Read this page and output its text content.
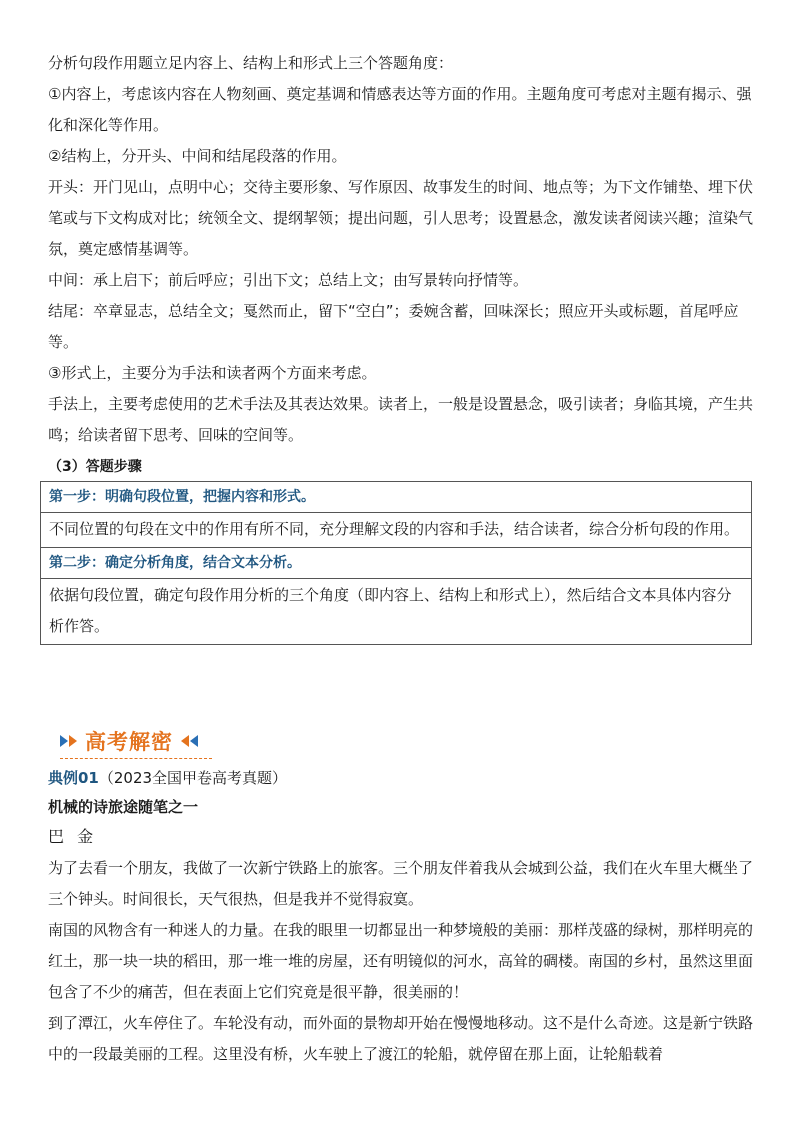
分析句段作用题立足内容上、结构上和形式上三个答题角度：

①内容上，考虑该内容在人物刻画、奠定基调和情感表达等方面的作用。主题角度可考虑对主题有揭示、强化和深化等作用。

②结构上，分开头、中间和结尾段落的作用。

开头：开门见山，点明中心；交待主要形象、写作原因、故事发生的时间、地点等；为下文作铺垫、埋下伏笔或与下文构成对比；统领全文、提纲挈领；提出问题，引人思考；设置悬念，激发读者阅读兴趣；渲染气氛，奠定感情基调等。

中间：承上启下；前后呼应；引出下文；总结上文；由写景转向抒情等。

结尾：卒章显志，总结全文；戛然而止，留下“空白”；委婉含蓄，回味深长；照应开头或标题，首尾呼应等。

③形式上，主要分为手法和读者两个方面来考虑。

手法上，主要考虑使用的艺术手法及其表达效果。读者上，一般是设置悬念，吸引读者；身临其境，产生共鸣；给读者留下思考、回味的空间等。

（3）答题步骤
第一步：明确句段位置，把握内容和形式。
不同位置的句段在文中的作用有所不同，充分理解文段的内容和手法，结合读者，综合分析句段的作用。
第二步：确定分析角度，结合文本分析。
依据句段位置，确定句段作用分析的三个角度（即内容上、结构上和形式上），然后结合文本具体内容分析作答。
高考解密
典例01（2023全国甲卷高考真题）
机械的诗旅途随笔之一
巴 金

为了去看一个朋友，我做了一次新宁铁路上的旅客。三个朋友伴着我从会城到公益，我们在火车里大概坐了三个钟头。时间很长，天气很热，但是我并不觉得寂寞。

南国的风物含有一种迷人的力量。在我的眼里一切都显出一种梦境般的美丽：那样茂盛的绿树，那样明亮的红土，那一块一块的稻田，那一堆一堆的房屋，还有明镜似的河水，高耸的碉楼。南国的乡村，虽然这里面包含了不少的痛苦，但在表面上它们究竟是很平静，很美丽的！

到了潭江，火车停住了。车轮没有动，而外面的景物却开始在慢慢地移动。这不是什么奇迹。这是新宁铁路中的一段最美丽的工程。这里没有桥，火车驶上了渡江的轮船，就停留在那上面，让轮船载着
